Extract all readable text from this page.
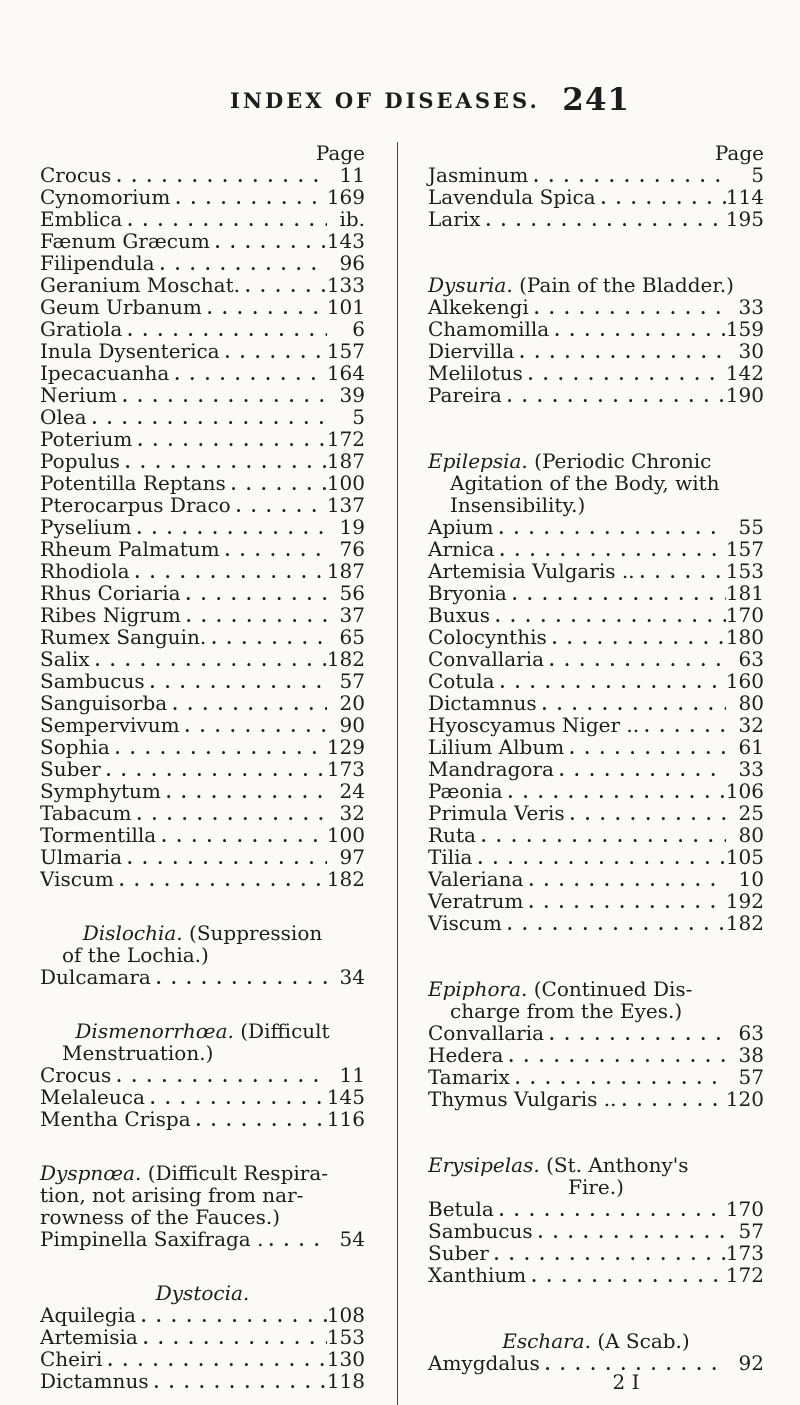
INDEX OF DISEASES. 241
Page
Crocus . . .	11
Cynomorium . . .	169
Emblica . . .	ib.
Fænum Græcum . . .	143
Filipendula . . .	96
Geranium Moschat. . . .	133
Geum Urbanum . . .	101
Gratiola . . .	6
Inula Dysenterica . . .	157
Ipecacuanha . . .	164
Nerium . . .	39
Olea . . .	5
Poterium . . .	172
Populus . . .	187
Potentilla Reptans . . .	100
Pterocarpus Draco . . .	137
Pyselium . . .	19
Rheum Palmatum . . .	76
Rhodiola . . .	187
Rhus Coriaria . . .	56
Ribes Nigrum . . .	37
Rumex Sanguin. . . .	65
Salix . . .	182
Sambucus . . .	57
Sanguisorba . . .	20
Sempervivum . . .	90
Sophia . . .	129
Suber . . .	173
Symphytum . . .	24
Tabacum . . .	32
Tormentilla . . .	100
Ulmaria . . .	97
Viscum . . .	182
Dislochia. (Suppression
of the Lochia.)
Dulcamara . . .	34
Dismenorrhœa. (Difficult
Menstruation.)
Crocus . . .	11
Melaleuca . . .	145
Mentha Crispa . . .	116
Dyspnœa. (Difficult Respira-
tion, not arising from nar-
rowness of the Fauces.)
Pimpinella Saxifraga . . . .	54
Dystocia.
Aquilegia . . .	108
Artemisia . . .	153
Cheiri . . .	130
Dictamnus . . .	118
Page
Jasminum . . .	5
Lavendula Spica . . .	114
Larix . . .	195
Dysuria. (Pain of the Bladder.)
Alkekengi . . .	33
Chamomilla . . .	159
Diervilla . . .	30
Melilotus . . .	142
Pareira . . .	190
Epilepsia. (Periodic Chronic
Agitation of the Body, with
Insensibility.)
Apium . . .	55
Arnica . . .	157
Artemisia Vulgaris .. . . .	153
Bryonia . . .	181
Buxus . . .	170
Colocynthis . . .	180
Convallaria . . .	63
Cotula . . .	160
Dictamnus . . .	80
Hyoscyamus Niger .. . . .	32
Lilium Album . . .	61
Mandragora . . .	33
Pæonia . . .	106
Primula Veris . . .	25
Ruta . . .	80
Tilia . . .	105
Valeriana . . .	10
Veratrum . . .	192
Viscum . . .	182
Epiphora. (Continued Dis-
charge from the Eyes.)
Convallaria . . .	63
Hedera . . .	38
Tamarix . . .	57
Thymus Vulgaris .. . . .	120
Erysipelas. (St. Anthony's
Fire.)
Betula . . .	170
Sambucus . . .	57
Suber . . .	173
Xanthium . . .	172
Eschara. (A Scab.)
Amygdalus . . .	92
2 I
